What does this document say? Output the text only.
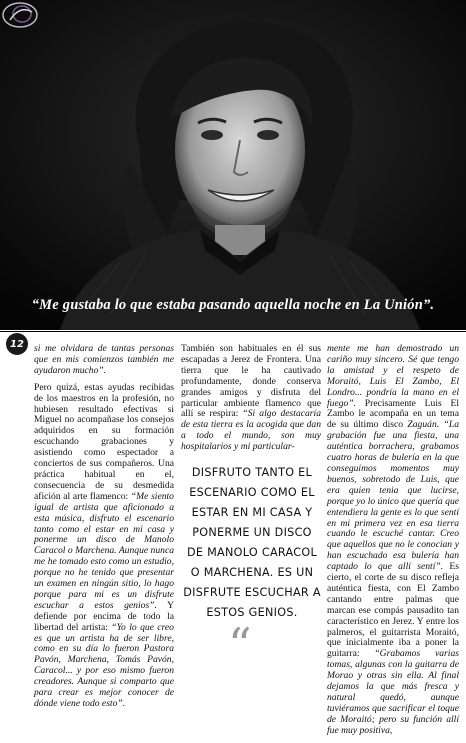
“Me gustaba lo que estaba pasando aquella noche en La Unión”.
12	si me olvidara de tantas personas que en mis comienzos también me ayudaron mucho”.

Pero quizá, estas ayudas recibidas de los maestros en la profesión, no hubiesen resultado efectivas si Miguel no acompañase los consejos adquiridos en su formación escuchando grabaciones y asistiendo como espectador a conciertos de sus compañeros. Una práctica habitual en el, consecuencia de su desmedida afición al arte flamenco: “Me siento igual de artista que aficionado a esta música, disfruto el escenario tanto como el estar en mi casa y ponerme un disco de Manolo Caracol o Marchena. Aunque nunca me he tomado esto como un estudio, porque no he tenido que presentar un examen en ningún sitio, lo hago porque para mi es un disfrute escuchar a estos genios”. Y defiende por encima de todo la libertad del artista: “Yo lo que creo es que un artista ha de ser libre, como en su día lo fueron Pastora Pavón, Marchena, Tomás Pavón, Caracol... y por eso mismo fueron creadores. Aunque si comparto que para crear es mejor conocer de dónde viene todo esto”.

También son habituales en él sus escapadas a Jerez de Frontera. Una tierra que le ha cautivado profundamente, donde conserva grandes amigos y disfruta del particular ambiente flamenco que allí se respira: “Si algo destacaría de esta tierra es la acogida que dan a todo el mundo, son muy hospitalarios y mi particular-

DISFRUTO TANTO EL ESCENARIO COMO EL ESTAR EN MI CASA Y PONERME UN DISCO DE MANOLO CARACOL O MARCHENA. ES UN DISFRUTE ESCUCHAR A ESTOS GENIOS.
“

mente me han demostrado un cariño muy sincero. Sé que tengo la amistad y el respeto de Moraitó, Luis El Zambo, El Londro... pondría la mano en el fuego”. Precisamente Luis El Zambo le acompaña en un tema de su último disco Zaguán. “La grabación fue una fiesta, una auténtica borrachera, grabamos cuatro horas de bulería en la que conseguimos momentos muy buenos, sobretodo de Luis, que era quien tenia que lucirse, porque yo lo único que quería que entendiera la gente es lo que sentí en mi primera vez en esa tierra cuando le escuché cantar. Creo que aquellos que no le conocian y han escuchado esa bulería han captado lo que allí sentí”. Es cierto, el corte de su disco refleja auténtica fiesta, con El Zambo cantando entre palmas que marcan ese compás pausadito tan característico en Jerez. Y entre los palmeros, el guitarrista Moraitó, que inicialmente iba a poner la guitarra: “Grabamos varias tomas, algunas con la guitarra de Morao y otras sin ella. Al final dejamos la que más fresca y natural quedó, aunque tuviéramos que sacrificar el toque de Moraitó; pero su función allí fue muy positiva,
